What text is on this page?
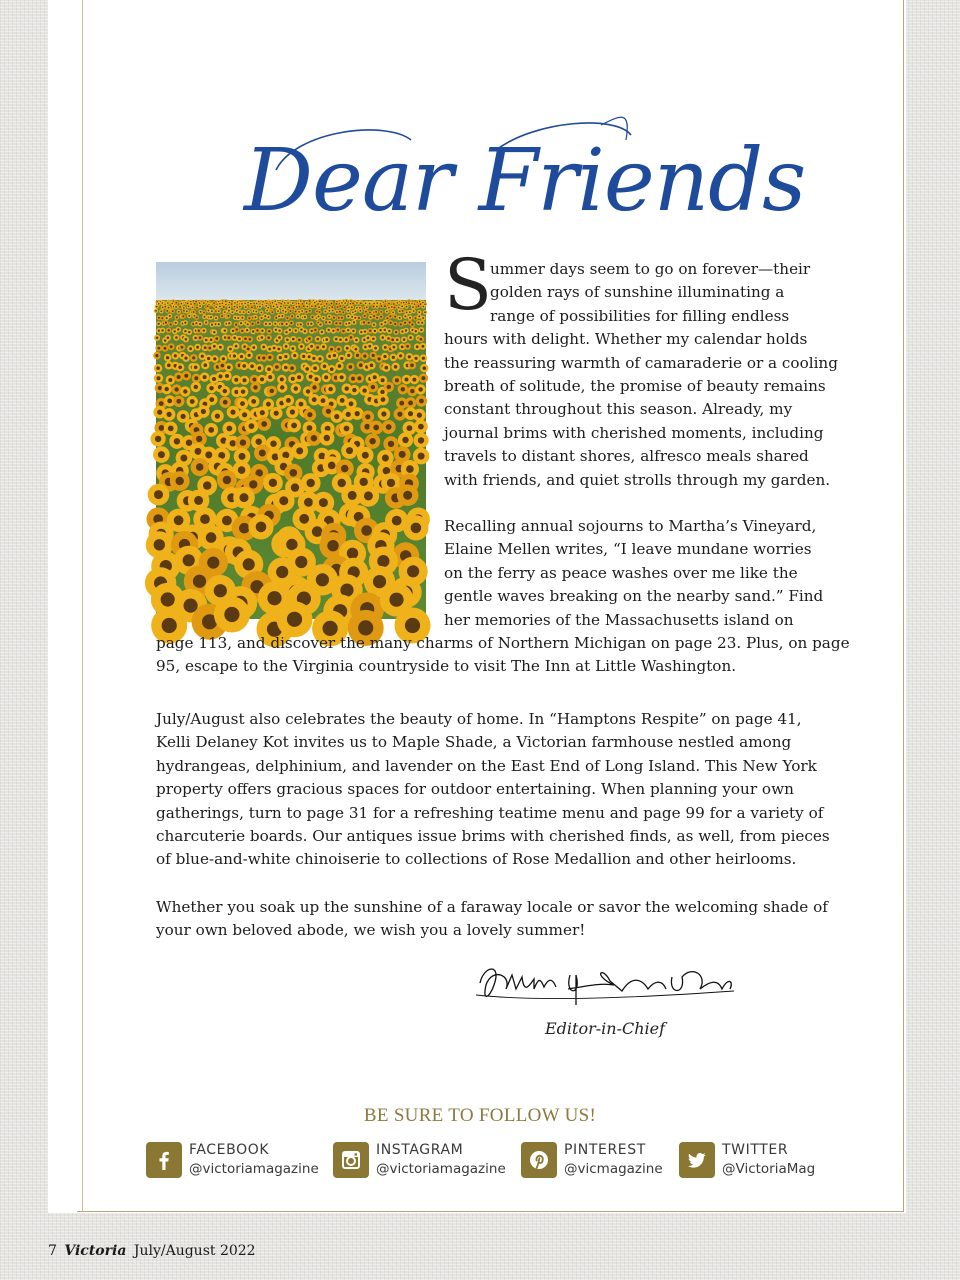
Dear Friends
S
ummer days seem to go on forever—their
golden rays of sunshine illuminating a
range of possibilities for filling endless
hours with delight. Whether my calendar holds
the reassuring warmth of camaraderie or a cooling
breath of solitude, the promise of beauty remains
constant throughout this season. Already, my
journal brims with cherished moments, including
travels to distant shores, alfresco meals shared
with friends, and quiet strolls through my garden.
Recalling annual sojourns to Martha’s Vineyard,
Elaine Mellen writes, “I leave mundane worries
on the ferry as peace washes over me like the
gentle waves breaking on the nearby sand.” Find
her memories of the Massachusetts island on
page 113, and discover the many charms of Northern Michigan on page 23. Plus, on page
95, escape to the Virginia countryside to visit The Inn at Little Washington.
July/August also celebrates the beauty of home. In “Hamptons Respite” on page 41,
Kelli Delaney Kot invites us to Maple Shade, a Victorian farmhouse nestled among
hydrangeas, delphinium, and lavender on the East End of Long Island. This New York
property offers gracious spaces for outdoor entertaining. When planning your own
gatherings, turn to page 31 for a refreshing teatime menu and page 99 for a variety of
charcuterie boards. Our antiques issue brims with cherished finds, as well, from pieces
of blue-and-white chinoiserie to collections of Rose Medallion and other heirlooms.
Whether you soak up the sunshine of a faraway locale or savor the welcoming shade of
your own beloved abode, we wish you a lovely summer!
Editor-in-Chief
BE SURE TO FOLLOW US!
FACEBOOK
@victoriamagazine
INSTAGRAM
@victoriamagazine
PINTEREST
@vicmagazine
TWITTER
@VictoriaMag
7 Victoria July/August 2022
